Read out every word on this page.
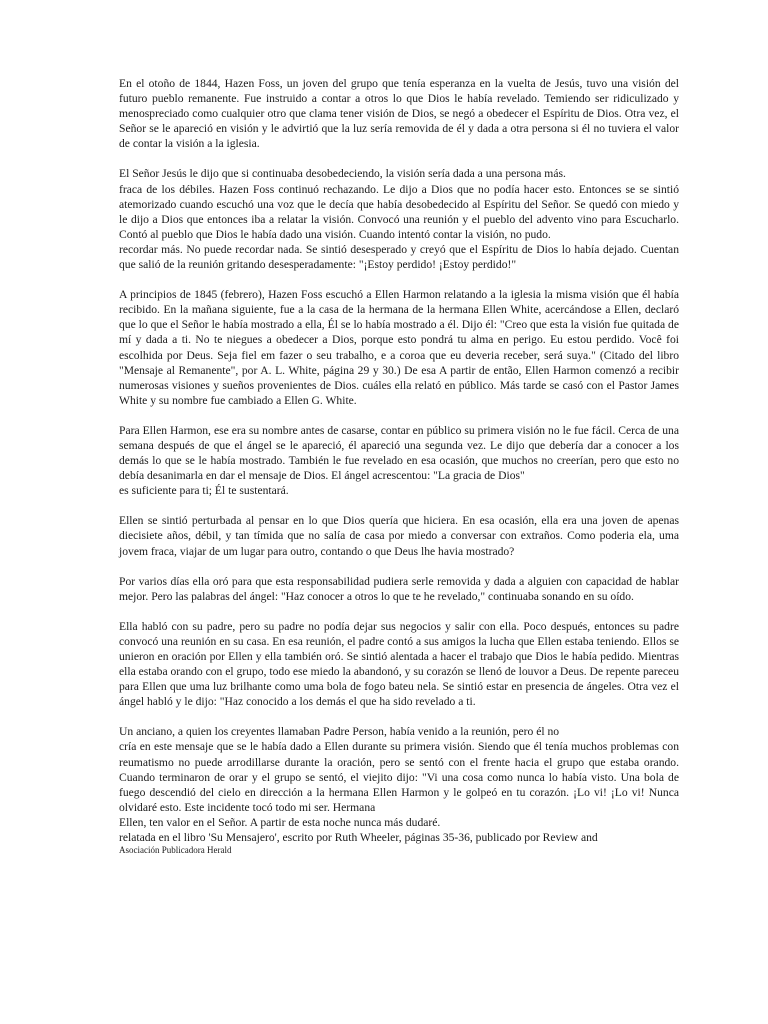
En el otoño de 1844, Hazen Foss, un joven del grupo que tenía esperanza en la vuelta de Jesús, tuvo una visión del futuro pueblo remanente. Fue instruido a contar a otros lo que Dios le había revelado. Temiendo ser ridiculizado y menospreciado como cualquier otro que clama tener visión de Dios, se negó a obedecer el Espíritu de Dios. Otra vez, el Señor se le apareció en visión y le advirtió que la luz sería removida de él y dada a otra persona si él no tuviera el valor de contar la visión a la iglesia.

El Señor Jesús le dijo que si continuaba desobedeciendo, la visión sería dada a una persona más.
fraca de los débiles. Hazen Foss continuó rechazando. Le dijo a Dios que no podía hacer esto. Entonces se se sintió atemorizado cuando escuchó una voz que le decía que había desobedecido al Espíritu del Señor. Se quedó con miedo y le dijo a Dios que entonces iba a relatar la visión. Convocó una reunión y el pueblo del advento vino para Escucharlo. Contó al pueblo que Dios le había dado una visión. Cuando intentó contar la visión, no pudo.
recordar más. No puede recordar nada. Se sintió desesperado y creyó que el Espíritu de Dios lo había dejado. Cuentan que salió de la reunión gritando desesperadamente: "¡Estoy perdido! ¡Estoy perdido!"

A principios de 1845 (febrero), Hazen Foss escuchó a Ellen Harmon relatando a la iglesia la misma visión que él había recibido. En la mañana siguiente, fue a la casa de la hermana de la hermana Ellen White, acercándose a Ellen, declaró que lo que el Señor le había mostrado a ella, Él se lo había mostrado a él. Dijo él: "Creo que esta la visión fue quitada de mí y dada a ti. No te niegues a obedecer a Dios, porque esto pondrá tu alma en perigo. Eu estou perdido. Você foi escolhida por Deus. Seja fiel em fazer o seu trabalho, e a coroa que eu deveria receber, será suya." (Citado del libro "Mensaje al Remanente", por A. L. White, página 29 y 30.) De esa A partir de então, Ellen Harmon comenzó a recibir numerosas visiones y sueños provenientes de Dios. cuáles ella relató en público. Más tarde se casó con el Pastor James White y su nombre fue cambiado a Ellen G. White.

Para Ellen Harmon, ese era su nombre antes de casarse, contar en público su primera visión no le fue fácil. Cerca de una semana después de que el ángel se le apareció, él apareció una segunda vez. Le dijo que debería dar a conocer a los demás lo que se le había mostrado. También le fue revelado en esa ocasión, que muchos no creerían, pero que esto no debía desanimarla en dar el mensaje de Dios. El ángel acrescentou: "La gracia de Dios"
es suficiente para ti; Él te sustentará.

Ellen se sintió perturbada al pensar en lo que Dios quería que hiciera. En esa ocasión, ella era una joven de apenas diecisiete años, débil, y tan tímida que no salía de casa por miedo a conversar con extraños. Como poderia ela, uma jovem fraca, viajar de um lugar para outro, contando o que Deus lhe havia mostrado?

Por varios días ella oró para que esta responsabilidad pudiera serle removida y dada a alguien con capacidad de hablar mejor. Pero las palabras del ángel: "Haz conocer a otros lo que te he revelado," continuaba sonando en su oído.

Ella habló con su padre, pero su padre no podía dejar sus negocios y salir con ella. Poco después, entonces su padre convocó una reunión en su casa. En esa reunión, el padre contó a sus amigos la lucha que Ellen estaba teniendo. Ellos se unieron en oración por Ellen y ella también oró. Se sintió alentada a hacer el trabajo que Dios le había pedido. Mientras ella estaba orando con el grupo, todo ese miedo la abandonó, y su corazón se llenó de louvor a Deus. De repente pareceu para Ellen que uma luz brilhante como uma bola de fogo bateu nela. Se sintió estar en presencia de ángeles. Otra vez el ángel habló y le dijo: "Haz conocido a los demás el que ha sido revelado a ti.

Un anciano, a quien los creyentes llamaban Padre Person, había venido a la reunión, pero él no
cría en este mensaje que se le había dado a Ellen durante su primera visión. Siendo que él tenía muchos problemas con reumatismo no puede arrodillarse durante la oración, pero se sentó con el frente hacia el grupo que estaba orando. Cuando terminaron de orar y el grupo se sentó, el viejito dijo: "Vi una cosa como nunca lo había visto. Una bola de fuego descendió del cielo en dirección a la hermana Ellen Harmon y le golpeó en tu corazón. ¡Lo vi! ¡Lo vi! Nunca olvidaré esto. Este incidente tocó todo mi ser. Hermana
Ellen, ten valor en el Señor. A partir de esta noche nunca más dudaré.
relatada en el libro 'Su Mensajero', escrito por Ruth Wheeler, páginas 35-36, publicado por Review and

Asociación Publicadora Herald
